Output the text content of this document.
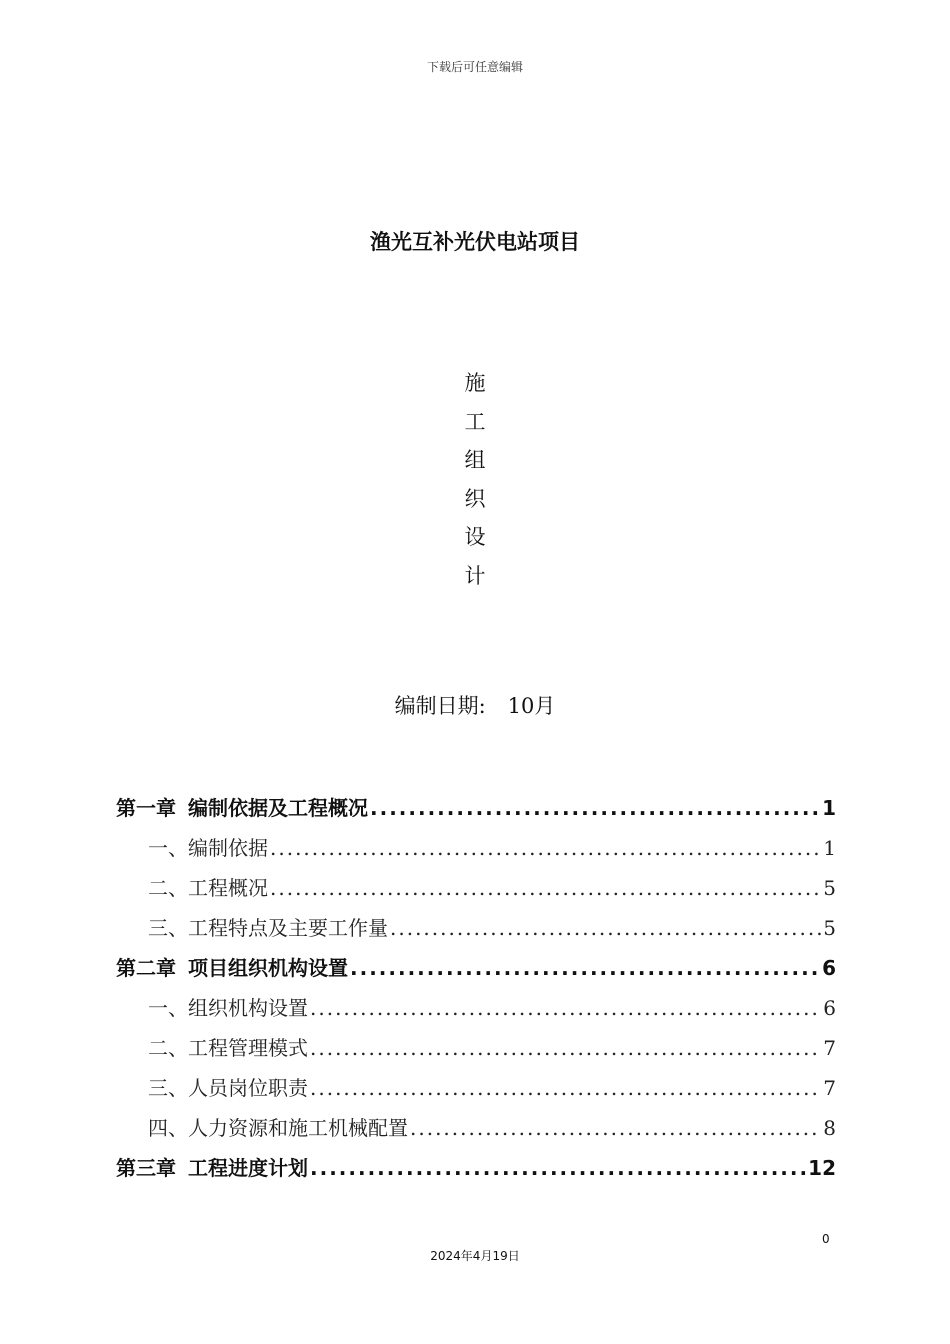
下载后可任意编辑
渔光互补光伏电站项目
施
工
组
织
设
计
编制日期: 10月
第一章 编制依据及工程概况 .....	1
一、 编制依据 .....	1
二、 工程概况 .....	5
三、 工程特点及主要工作量 .....	5
第二章 项目组织机构设置 .....	6
一、 组织机构设置 .....	6
二、 工程管理模式 .....	7
三、 人员岗位职责 .....	7
四、 人力资源和施工机械配置 .....	8
第三章 工程进度计划 .....	12
0
2024年4月19日
